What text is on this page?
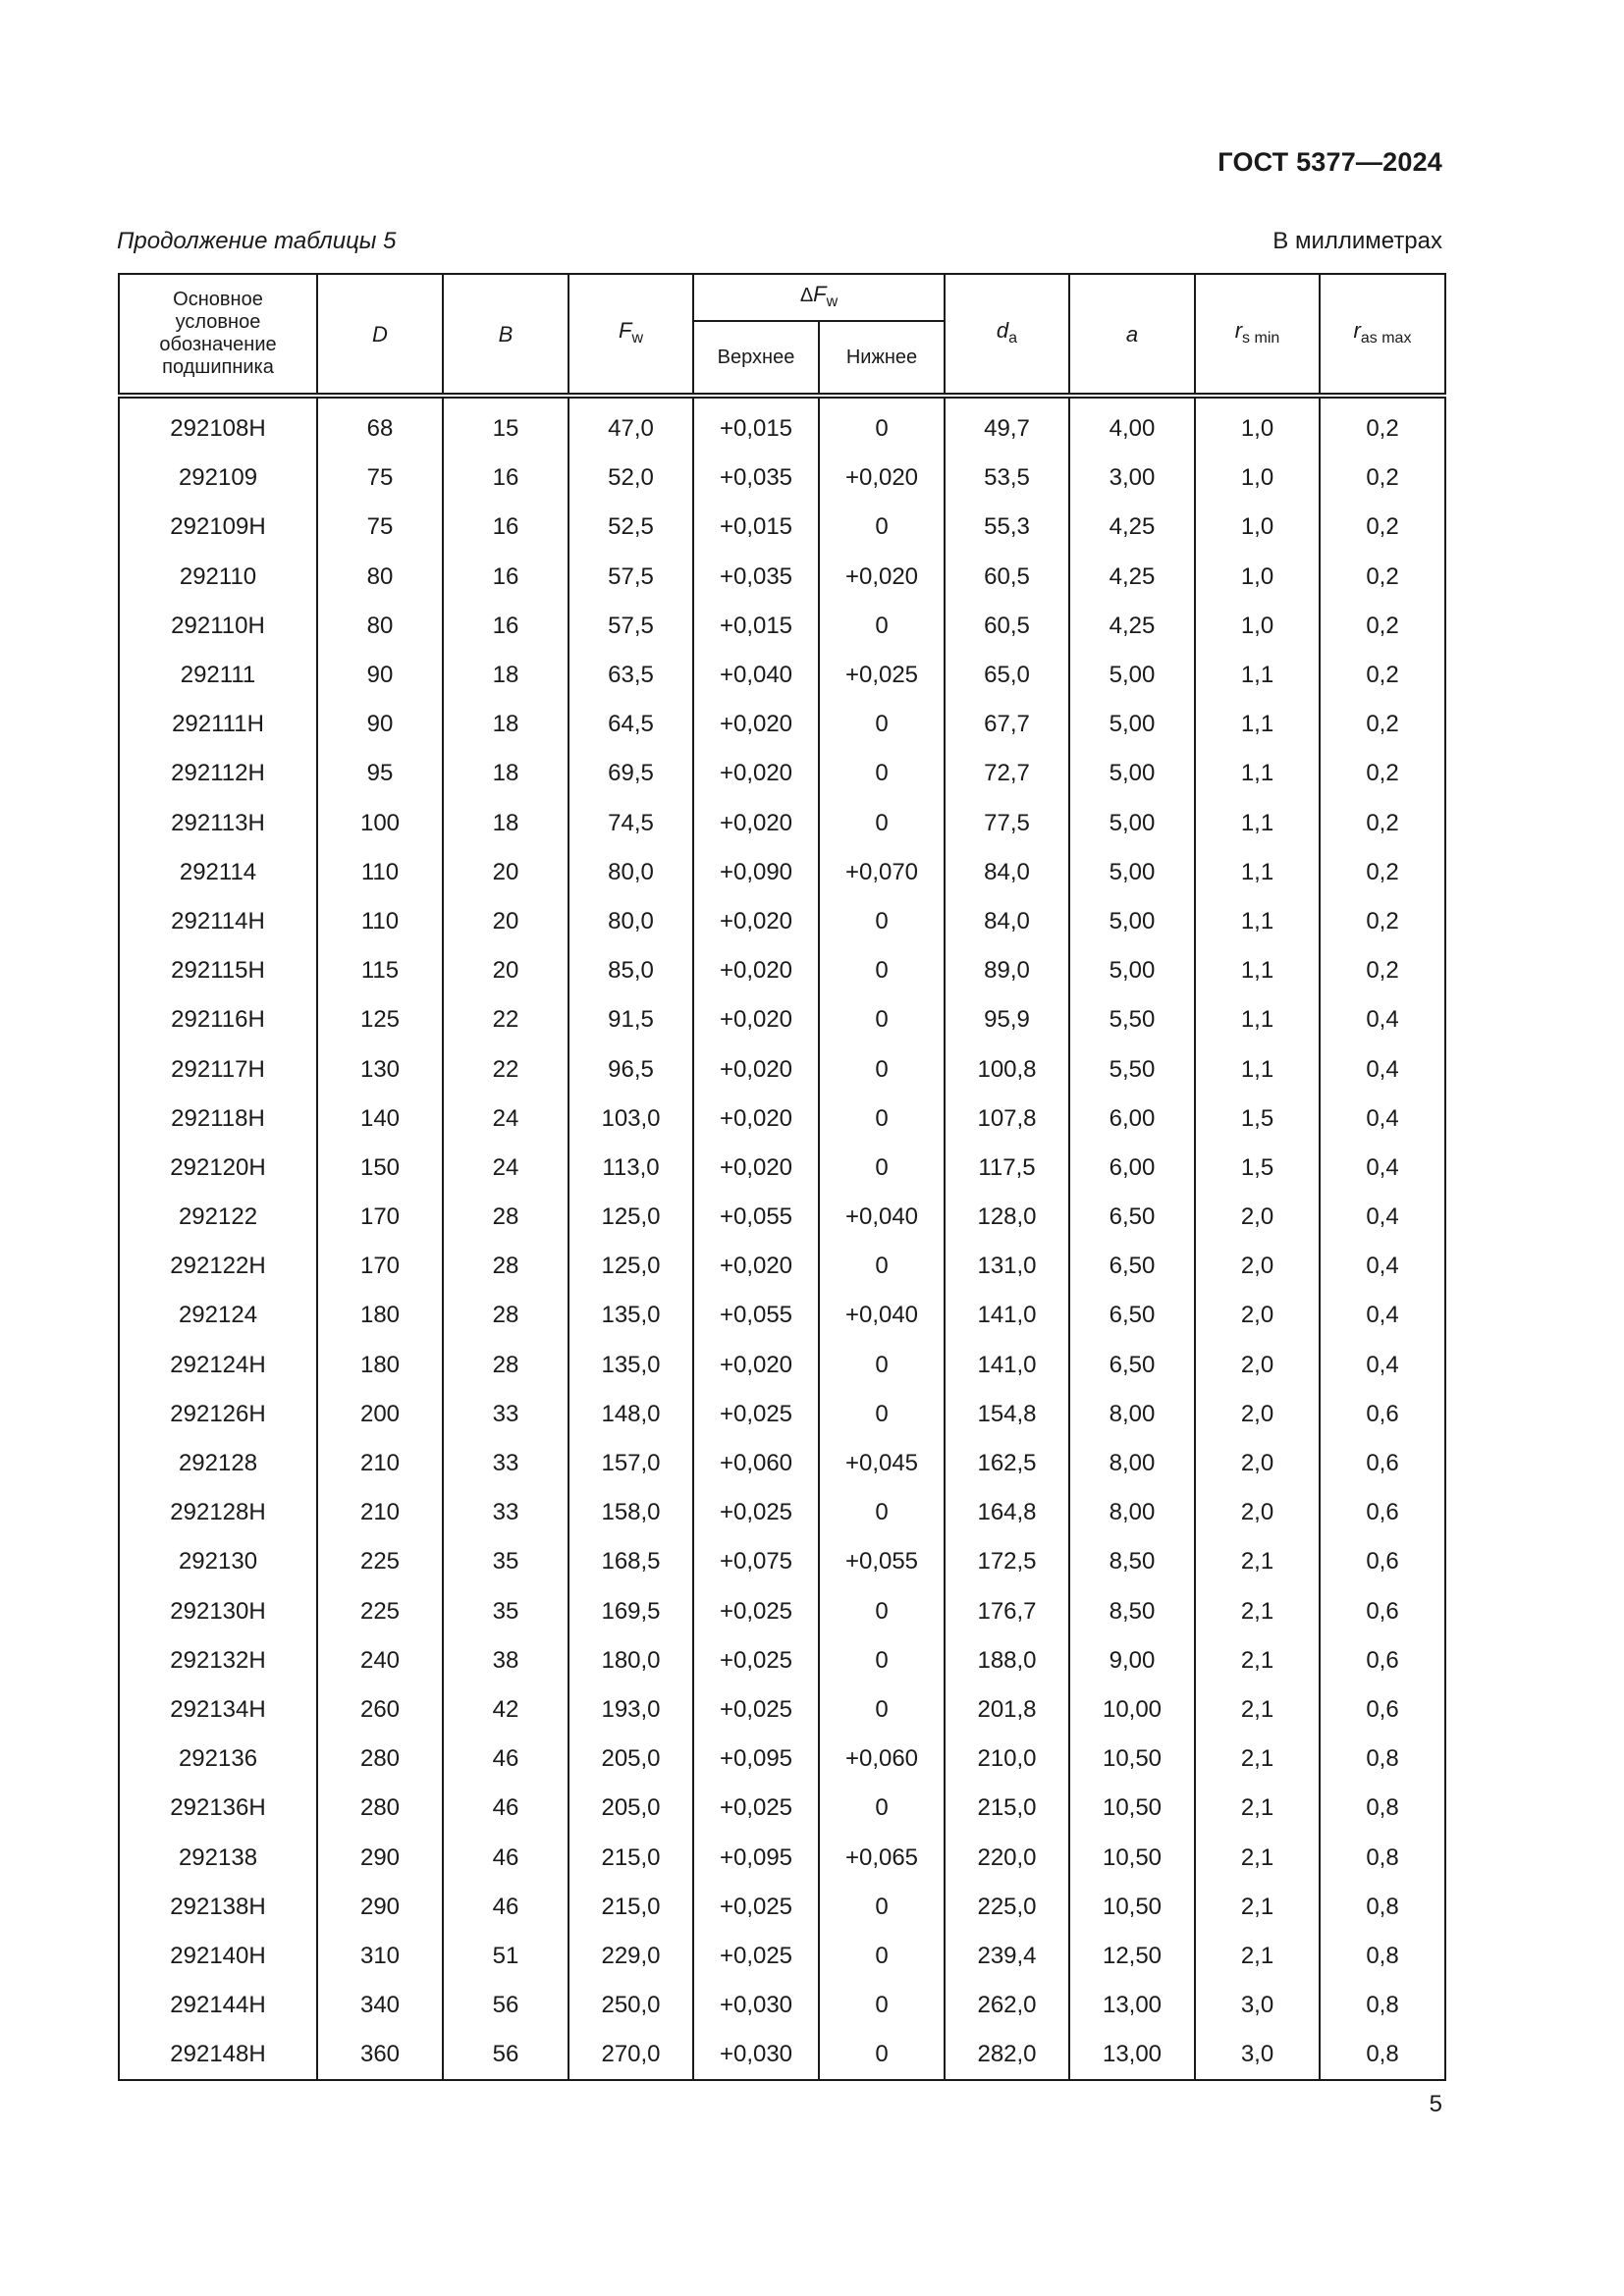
ГОСТ 5377—2024
Продолжение таблицы 5	В миллиметрах
Основное условное обозначение подшипника	D	B	$F_w$	$\Delta F_w$		$d_a$	a	$r_{s min}$	$r_{as max}$
				Верхнее	Нижнее				
292108H	68	15	47,0	+0,015	0	49,7	4,00	1,0	0,2
292109	75	16	52,0	+0,035	+0,020	53,5	3,00	1,0	0,2
292109H	75	16	52,5	+0,015	0	55,3	4,25	1,0	0,2
292110	80	16	57,5	+0,035	+0,020	60,5	4,25	1,0	0,2
292110H	80	16	57,5	+0,015	0	60,5	4,25	1,0	0,2
292111	90	18	63,5	+0,040	+0,025	65,0	5,00	1,1	0,2
292111H	90	18	64,5	+0,020	0	67,7	5,00	1,1	0,2
292112H	95	18	69,5	+0,020	0	72,7	5,00	1,1	0,2
292113H	100	18	74,5	+0,020	0	77,5	5,00	1,1	0,2
292114	110	20	80,0	+0,090	+0,070	84,0	5,00	1,1	0,2
292114H	110	20	80,0	+0,020	0	84,0	5,00	1,1	0,2
292115H	115	20	85,0	+0,020	0	89,0	5,00	1,1	0,2
292116H	125	22	91,5	+0,020	0	95,9	5,50	1,1	0,4
292117H	130	22	96,5	+0,020	0	100,8	5,50	1,1	0,4
292118H	140	24	103,0	+0,020	0	107,8	6,00	1,5	0,4
292120H	150	24	113,0	+0,020	0	117,5	6,00	1,5	0,4
292122	170	28	125,0	+0,055	+0,040	128,0	6,50	2,0	0,4
292122H	170	28	125,0	+0,020	0	131,0	6,50	2,0	0,4
292124	180	28	135,0	+0,055	+0,040	141,0	6,50	2,0	0,4
292124H	180	28	135,0	+0,020	0	141,0	6,50	2,0	0,4
292126H	200	33	148,0	+0,025	0	154,8	8,00	2,0	0,6
292128	210	33	157,0	+0,060	+0,045	162,5	8,00	2,0	0,6
292128H	210	33	158,0	+0,025	0	164,8	8,00	2,0	0,6
292130	225	35	168,5	+0,075	+0,055	172,5	8,50	2,1	0,6
292130H	225	35	169,5	+0,025	0	176,7	8,50	2,1	0,6
292132H	240	38	180,0	+0,025	0	188,0	9,00	2,1	0,6
292134H	260	42	193,0	+0,025	0	201,8	10,00	2,1	0,6
292136	280	46	205,0	+0,095	+0,060	210,0	10,50	2,1	0,8
292136H	280	46	205,0	+0,025	0	215,0	10,50	2,1	0,8
292138	290	46	215,0	+0,095	+0,065	220,0	10,50	2,1	0,8
292138H	290	46	215,0	+0,025	0	225,0	10,50	2,1	0,8
292140H	310	51	229,0	+0,025	0	239,4	12,50	2,1	0,8
292144H	340	56	250,0	+0,030	0	262,0	13,00	3,0	0,8
292148H	360	56	270,0	+0,030	0	282,0	13,00	3,0	0,8
5
